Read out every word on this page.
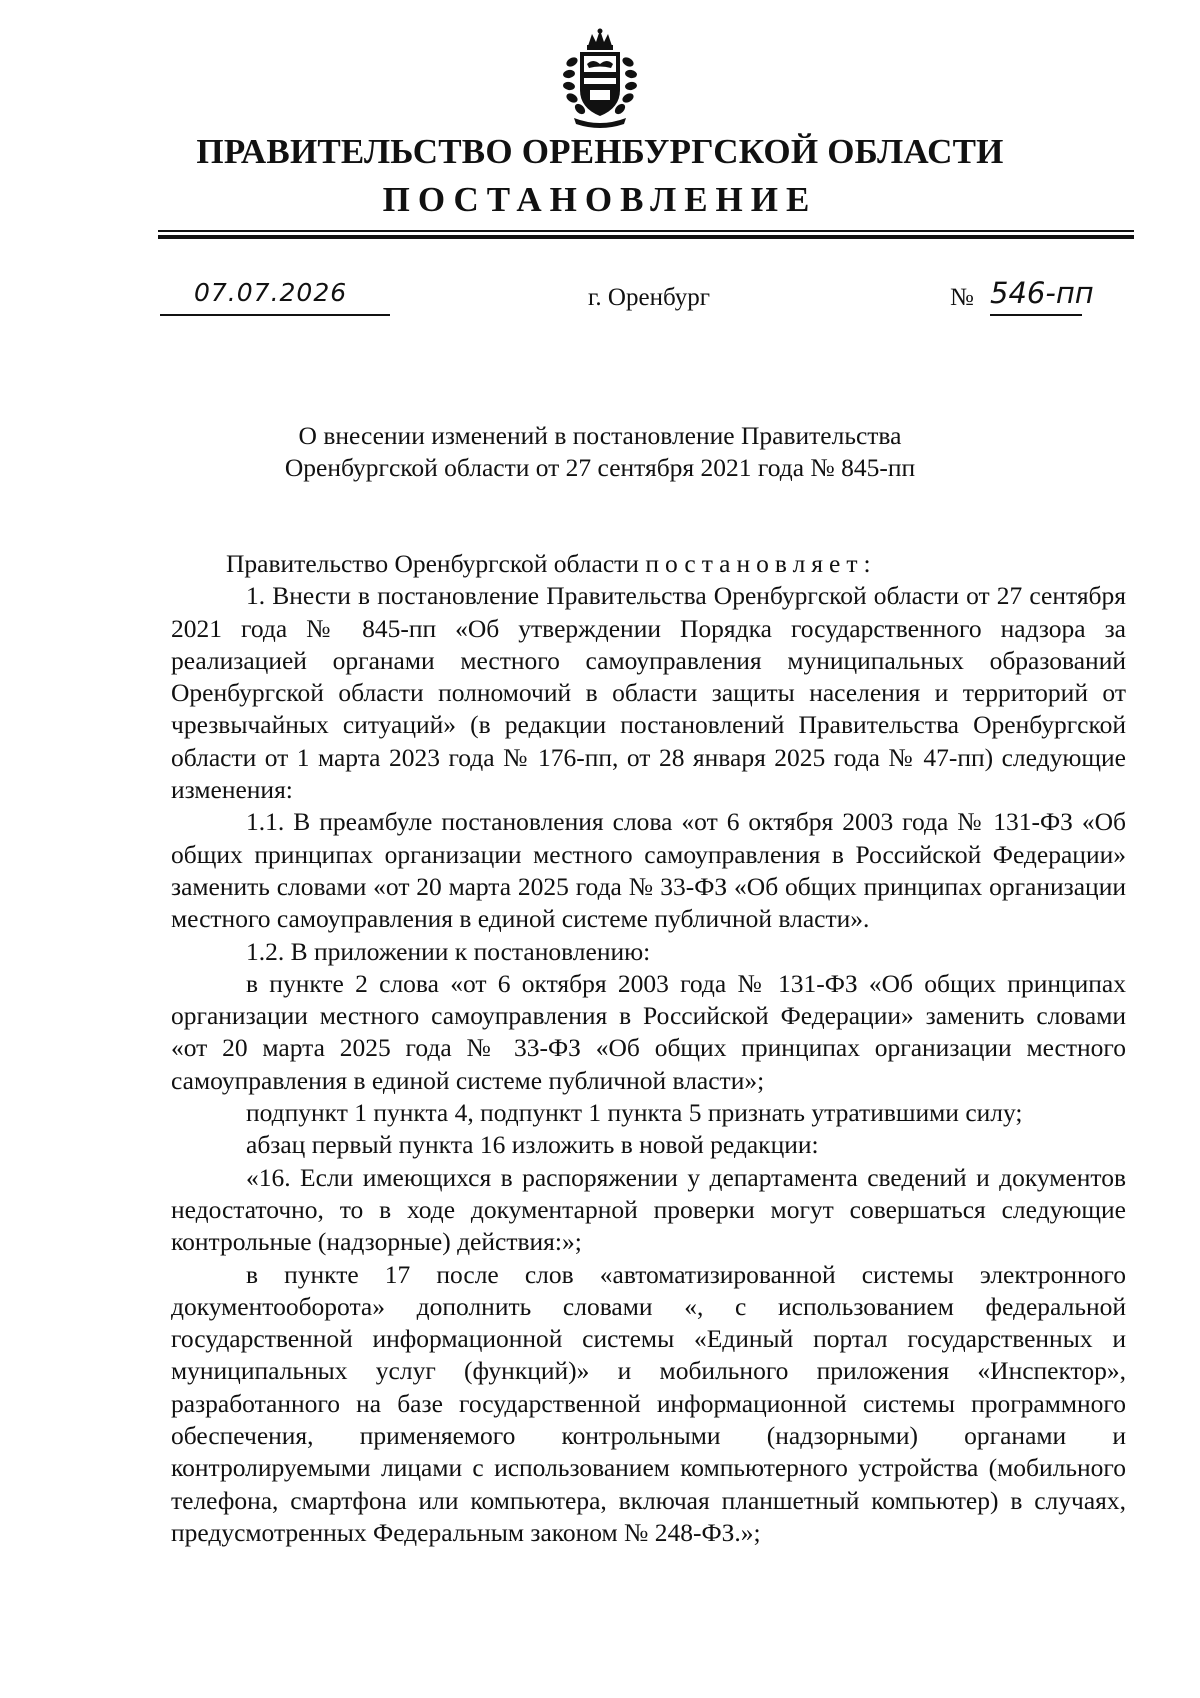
ПРАВИТЕЛЬСТВО ОРЕНБУРГСКОЙ ОБЛАСТИ
ПОСТАНОВЛЕНИЕ
07.07.2026	г. Оренбург	№ 546-пп
О внесении изменений в постановление Правительства
Оренбургской области от 27 сентября 2021 года № 845-пп

Правительство Оренбургской области постановляет:

1. Внести в постановление Правительства Оренбургской области от 27 сентября 2021 года № 845-пп «Об утверждении Порядка государственного надзора за реализацией органами местного самоуправления муниципальных образований Оренбургской области полномочий в области защиты населения и территорий от чрезвычайных ситуаций» (в редакции постановлений Правительства Оренбургской области от 1 марта 2023 года № 176-пп, от 28 января 2025 года № 47-пп) следующие изменения:

1.1. В преамбуле постановления слова «от 6 октября 2003 года № 131-ФЗ «Об общих принципах организации местного самоуправления в Российской Федерации» заменить словами «от 20 марта 2025 года № 33-ФЗ «Об общих принципах организации местного самоуправления в единой системе публичной власти».

1.2. В приложении к постановлению:

в пункте 2 слова «от 6 октября 2003 года № 131-ФЗ «Об общих принципах организации местного самоуправления в Российской Федерации» заменить словами «от 20 марта 2025 года № 33-ФЗ «Об общих принципах организации местного самоуправления в единой системе публичной власти»;

подпункт 1 пункта 4, подпункт 1 пункта 5 признать утратившими силу;

абзац первый пункта 16 изложить в новой редакции:

«16. Если имеющихся в распоряжении у департамента сведений и документов недостаточно, то в ходе документарной проверки могут совершаться следующие контрольные (надзорные) действия:»;

в пункте 17 после слов «автоматизированной системы электронного документооборота» дополнить словами «, с использованием федеральной государственной информационной системы «Единый портал государственных и муниципальных услуг (функций)» и мобильного приложения «Инспектор», разработанного на базе государственной информационной системы программного обеспечения, применяемого контрольными (надзорными) органами и контролируемыми лицами с использованием компьютерного устройства (мобильного телефона, смартфона или компьютера, включая планшетный компьютер) в случаях, предусмотренных Федеральным законом № 248-ФЗ.»;
